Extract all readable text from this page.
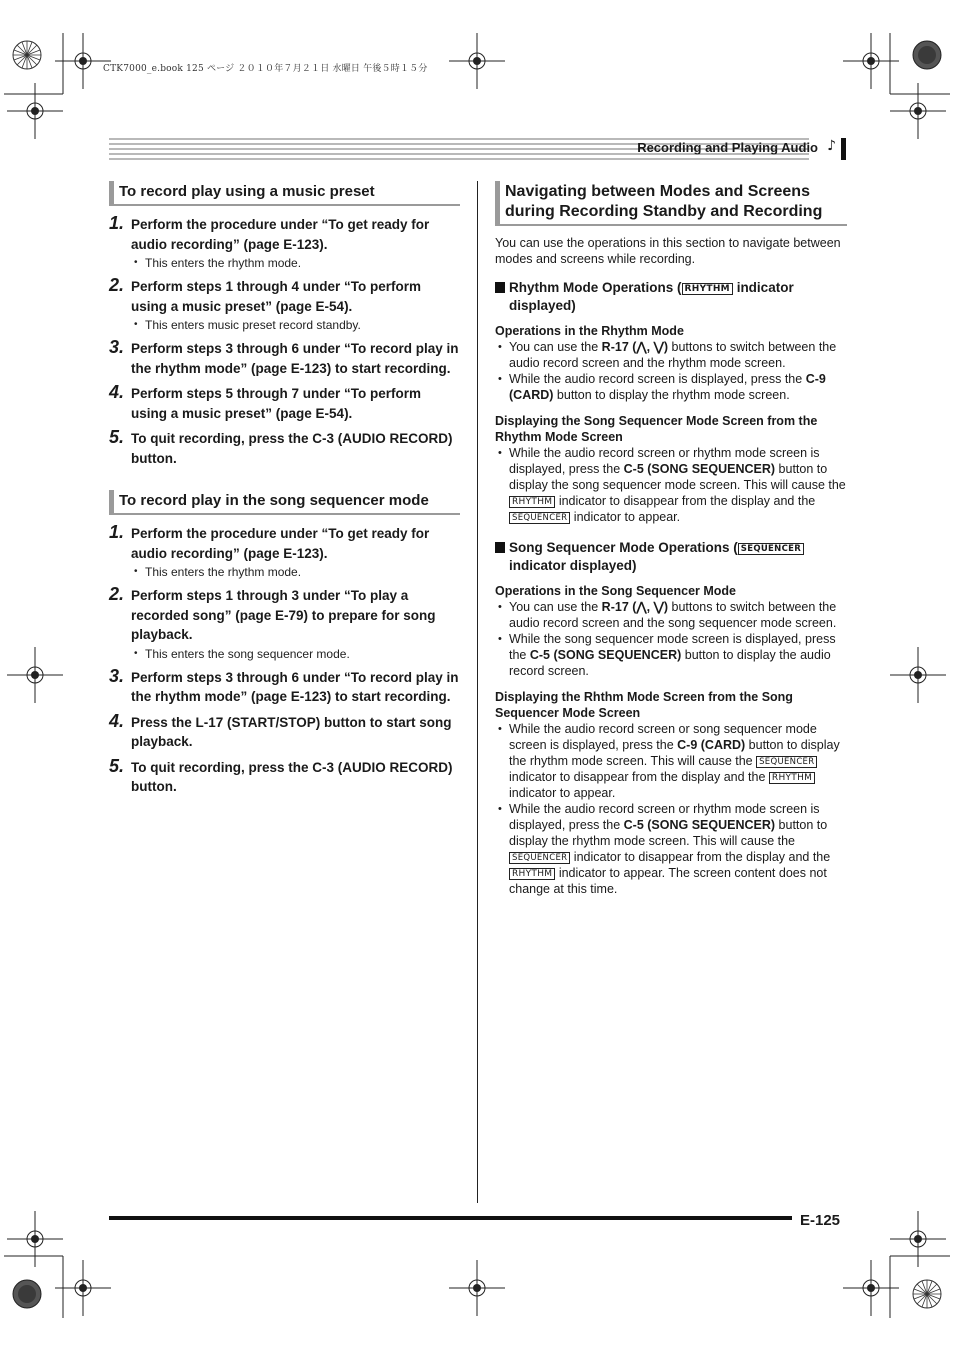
CTK7000_e.book 125 ページ ２０１０年７月２１日 水曜日 午後５時１５分
Recording and Playing Audio ♪
To record play using a music preset
1. Perform the procedure under “To get ready for audio recording” (page E-123).
• This enters the rhythm mode.
2. Perform steps 1 through 4 under “To perform using a music preset” (page E-54).
• This enters music preset record standby.
3. Perform steps 3 through 6 under “To record play in the rhythm mode” (page E-123) to start recording.
4. Perform steps 5 through 7 under “To perform using a music preset” (page E-54).
5. To quit recording, press the C-3 (AUDIO RECORD) button.
To record play in the song sequencer mode
1. Perform the procedure under “To get ready for audio recording” (page E-123).
• This enters the rhythm mode.
2. Perform steps 1 through 3 under “To play a recorded song” (page E-79) to prepare for song playback.
• This enters the song sequencer mode.
3. Perform steps 3 through 6 under “To record play in the rhythm mode” (page E-123) to start recording.
4. Press the L-17 (START/STOP) button to start song playback.
5. To quit recording, press the C-3 (AUDIO RECORD) button.
Navigating between Modes and Screens
during Recording Standby and Recording

You can use the operations in this section to navigate between modes and screens while recording.

Rhythm Mode Operations ( RHYTHM indicator displayed)
Operations in the Rhythm Mode
• You can use the R-17 (⋀, ⋁) buttons to switch between the audio record screen and the rhythm mode screen.
• While the audio record screen is displayed, press the C-9 (CARD) button to display the rhythm mode screen.
Displaying the Song Sequencer Mode Screen from the Rhythm Mode Screen
• While the audio record screen or rhythm mode screen is displayed, press the C-5 (SONG SEQUENCER) button to display the song sequencer mode screen. This will cause the RHYTHM indicator to disappear from the display and the SEQUENCER indicator to appear.
Song Sequencer Mode Operations ( SEQUENCER indicator displayed)
Operations in the Song Sequencer Mode
• You can use the R-17 (⋀, ⋁) buttons to switch between the audio record screen and the song sequencer mode screen.
• While the song sequencer mode screen is displayed, press the C-5 (SONG SEQUENCER) button to display the audio record screen.
Displaying the Rhthm Mode Screen from the Song Sequencer Mode Screen
• While the audio record screen or song sequencer mode screen is displayed, press the C-9 (CARD) button to display the rhythm mode screen. This will cause the SEQUENCER indicator to disappear from the display and the RHYTHM indicator to appear.
• While the audio record screen or rhythm mode screen is displayed, press the C-5 (SONG SEQUENCER) button to display the rhythm mode screen. This will cause the SEQUENCER indicator to disappear from the display and the RHYTHM indicator to appear. The screen content does not change at this time.
E-125
